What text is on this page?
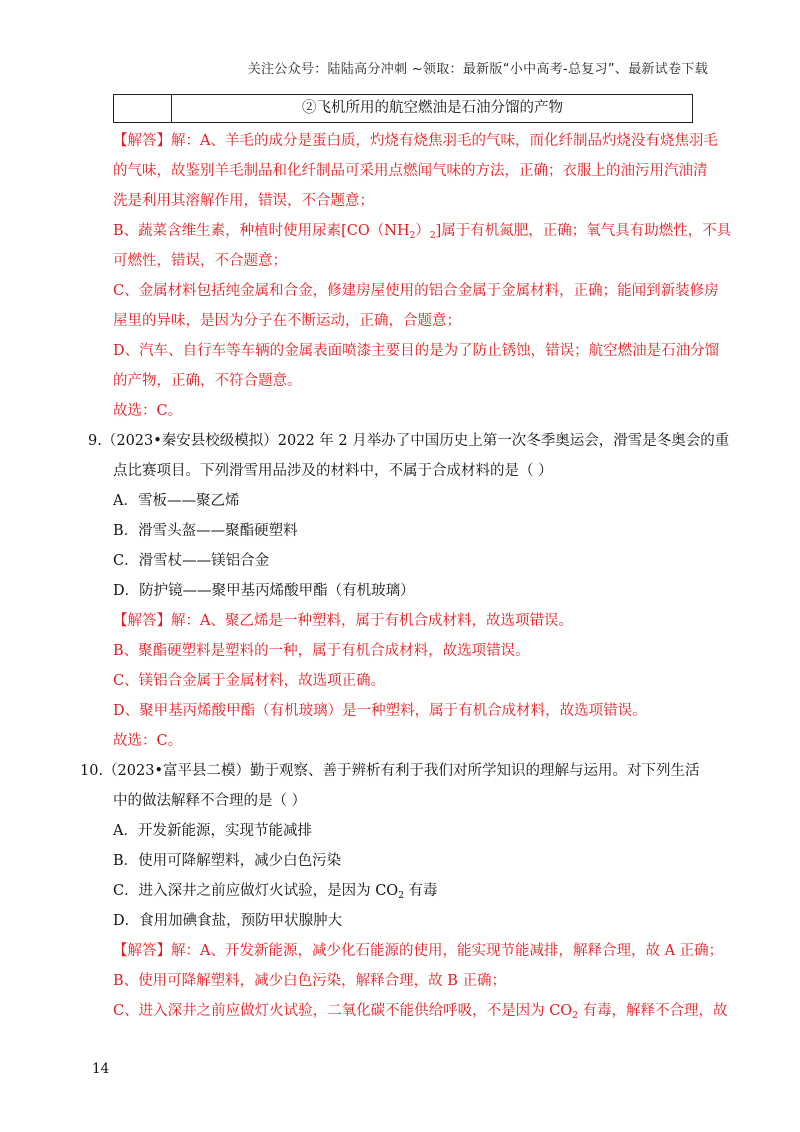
关注公众号：陆陆高分冲刺 ~领取：最新版“小中高考-总复习”、最新试卷下载
②飞机所用的航空燃油是石油分馏的产物
【解答】解：A、羊毛的成分是蛋白质，灼烧有烧焦羽毛的气味，而化纤制品灼烧没有烧焦羽毛
的气味，故鉴别羊毛制品和化纤制品可采用点燃闻气味的方法，正确；衣服上的油污用汽油清
洗是利用其溶解作用，错误，不合题意；
B、蔬菜含维生素，种植时使用尿素$[CO(NH_2)_2]$属于有机氮肥，正确；氧气具有助燃性，不具
可燃性，错误，不合题意；
C、金属材料包括纯金属和合金，修建房屋使用的铝合金属于金属材料，正确；能闻到新装修房
屋里的异味，是因为分子在不断运动，正确，合题意；
D、汽车、自行车等车辆的金属表面喷漆主要目的是为了防止锈蚀，错误；航空燃油是石油分馏
的产物，正确，不符合题意。
故选：C。
9.（2023•秦安县校级模拟）2022 年 2 月举办了中国历史上第一次冬季奥运会，滑雪是冬奥会的重
点比赛项目。下列滑雪用品涉及的材料中，不属于合成材料的是（ ）
A．雪板——聚乙烯
B．滑雪头盔——聚酯硬塑料
C．滑雪杖——镁铝合金
D．防护镜——聚甲基丙烯酸甲酯（有机玻璃）
【解答】解：A、聚乙烯是一种塑料，属于有机合成材料，故选项错误。
B、聚酯硬塑料是塑料的一种，属于有机合成材料，故选项错误。
C、镁铝合金属于金属材料，故选项正确。
D、聚甲基丙烯酸甲酯（有机玻璃）是一种塑料，属于有机合成材料，故选项错误。
故选：C。
10.（2023•富平县二模）勤于观察、善于辨析有利于我们对所学知识的理解与运用。对下列生活
中的做法解释不合理的是（ ）
A．开发新能源，实现节能减排
B．使用可降解塑料，减少白色污染
C．进入深井之前应做灯火试验，是因为 $CO_2$ 有毒
D．食用加碘食盐，预防甲状腺肿大
【解答】解：A、开发新能源，减少化石能源的使用，能实现节能减排，解释合理，故 A 正确；
B、使用可降解塑料，减少白色污染，解释合理，故 B 正确；
C、进入深井之前应做灯火试验，二氧化碳不能供给呼吸，不是因为 $CO_2$ 有毒，解释不合理，故
14
